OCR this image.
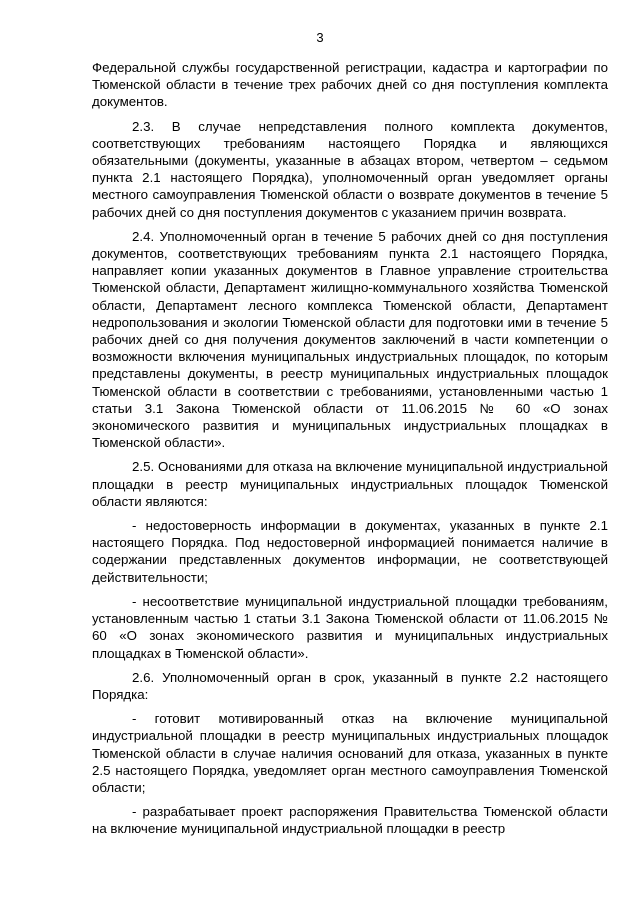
3

Федеральной службы государственной регистрации, кадастра и картографии по Тюменской области в течение трех рабочих дней со дня поступления комплекта документов.

2.3. В случае непредставления полного комплекта документов, соответствующих требованиям настоящего Порядка и являющихся обязательными (документы, указанные в абзацах втором, четвертом – седьмом пункта 2.1 настоящего Порядка), уполномоченный орган уведомляет органы местного самоуправления Тюменской области о возврате документов в течение 5 рабочих дней со дня поступления документов с указанием причин возврата.

2.4. Уполномоченный орган в течение 5 рабочих дней со дня поступления документов, соответствующих требованиям пункта 2.1 настоящего Порядка, направляет копии указанных документов в Главное управление строительства Тюменской области, Департамент жилищно-коммунального хозяйства Тюменской области, Департамент лесного комплекса Тюменской области, Департамент недропользования и экологии Тюменской области для подготовки ими в течение 5 рабочих дней со дня получения документов заключений в части компетенции о возможности включения муниципальных индустриальных площадок, по которым представлены документы, в реестр муниципальных индустриальных площадок Тюменской области в соответствии с требованиями, установленными частью 1 статьи 3.1 Закона Тюменской области от 11.06.2015 № 60 «О зонах экономического развития и муниципальных индустриальных площадках в Тюменской области».

2.5. Основаниями для отказа на включение муниципальной индустриальной площадки в реестр муниципальных индустриальных площадок Тюменской области являются:

- недостоверность информации в документах, указанных в пункте 2.1 настоящего Порядка. Под недостоверной информацией понимается наличие в содержании представленных документов информации, не соответствующей действительности;

- несоответствие муниципальной индустриальной площадки требованиям, установленным частью 1 статьи 3.1 Закона Тюменской области от 11.06.2015 № 60 «О зонах экономического развития и муниципальных индустриальных площадках в Тюменской области».

2.6. Уполномоченный орган в срок, указанный в пункте 2.2 настоящего Порядка:

- готовит мотивированный отказ на включение муниципальной индустриальной площадки в реестр муниципальных индустриальных площадок Тюменской области в случае наличия оснований для отказа, указанных в пункте 2.5 настоящего Порядка, уведомляет орган местного самоуправления Тюменской области;

- разрабатывает проект распоряжения Правительства Тюменской области на включение муниципальной индустриальной площадки в реестр
